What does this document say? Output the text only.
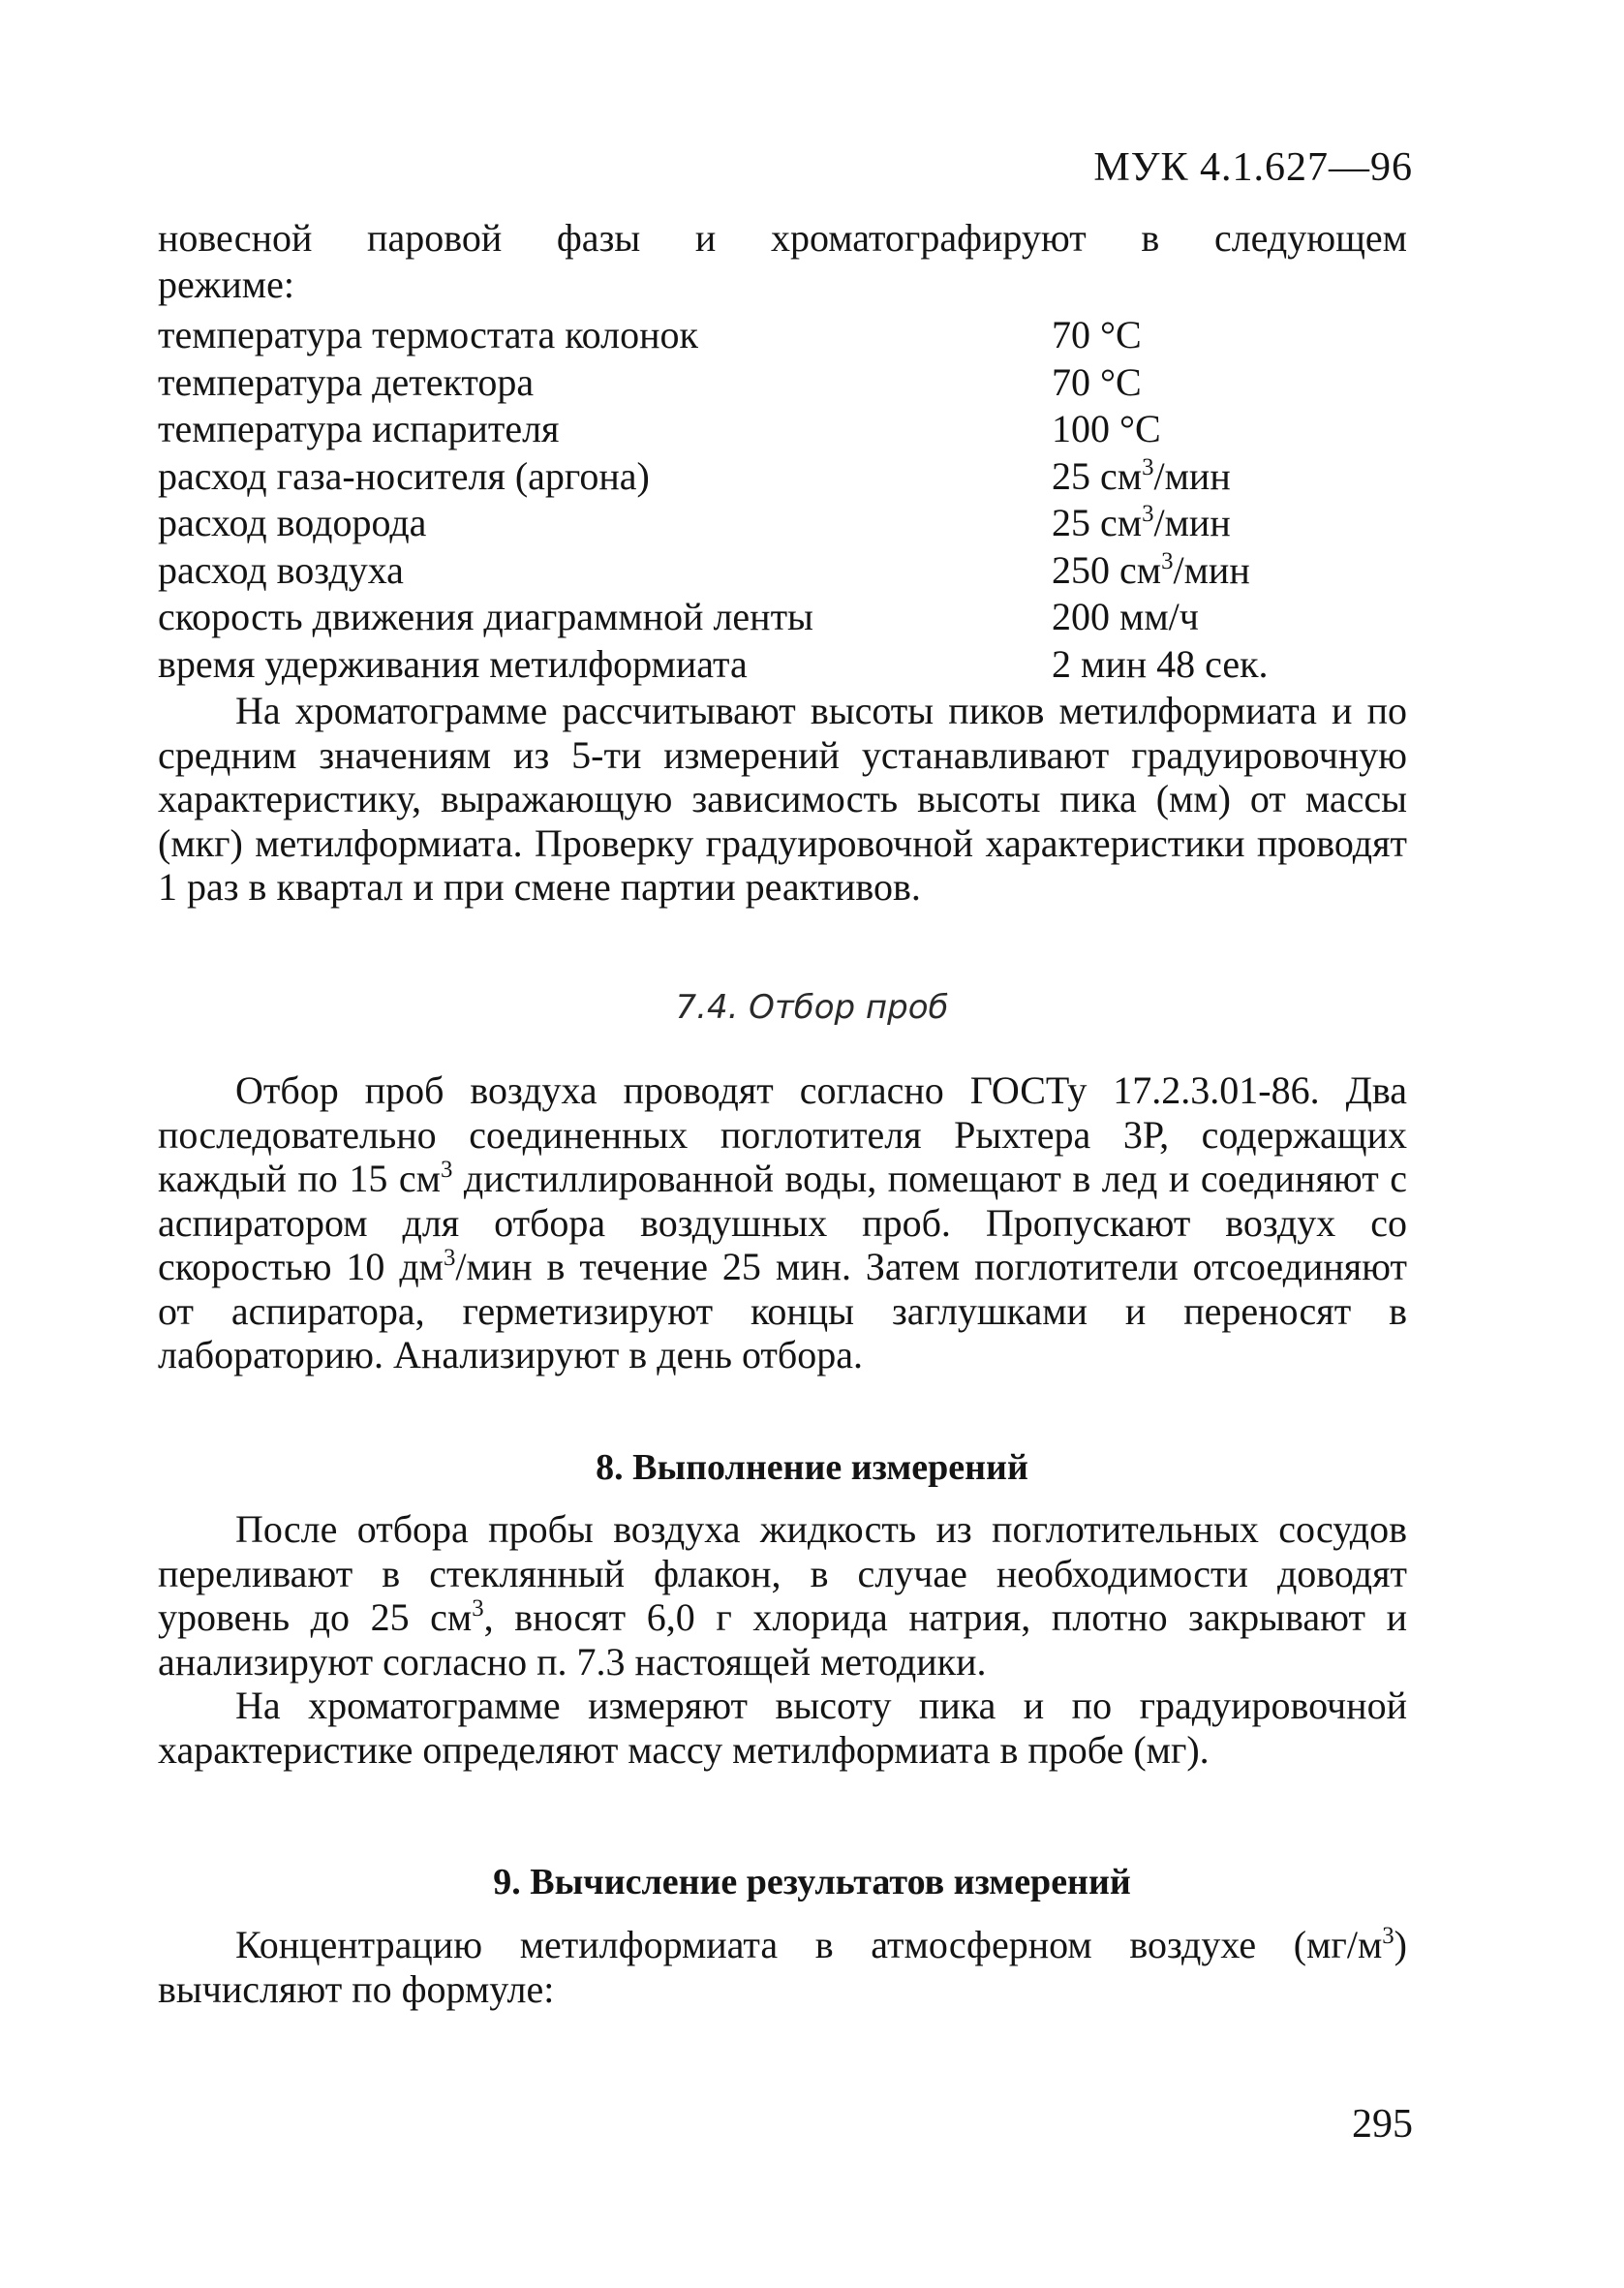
МУК 4.1.627—96

новесной паровой фазы и хроматографируют в следующем

режиме:

температура термостата колонок	70 °С
температура детектора	70 °С
температура испарителя	100 °С
расход газа-носителя (аргона)	25 $см^3$/мин
расход водорода	25 $см^3$/мин
расход воздуха	250 $см^3$/мин
скорость движения диаграммной ленты	200 мм/ч
время удерживания метилформиата	2 мин 48 сек.

На хроматограмме рассчитывают высоты пиков метилформиата и по средним значениям из 5-ти измерений устанавливают градуировочную характеристику, выражающую зависимость высоты пика (мм) от массы (мкг) метилформиата. Проверку градуировочной характеристики проводят 1 раз в квартал и при смене партии реактивов.

7.4. Отбор проб

Отбор проб воздуха проводят согласно ГОСТу 17.2.3.01-86. Два последовательно соединенных поглотителя Рыхтера 3Р, содержащих каждый по 15 $см^3$ дистиллированной воды, помещают в лед и соединяют с аспиратором для отбора воздушных проб. Пропускают воздух со скоростью 10 $дм^3$/мин в течение 25 мин. Затем поглотители отсоединяют от аспиратора, герметизируют концы заглушками и переносят в лабораторию. Анализируют в день отбора.

8. Выполнение измерений

После отбора пробы воздуха жидкость из поглотительных сосудов переливают в стеклянный флакон, в случае необходимости доводят уровень до 25 $см^3$, вносят 6,0 г хлорида натрия, плотно закрывают и анализируют согласно п. 7.3 настоящей методики.

На хроматограмме измеряют высоту пика и по градуировочной характеристике определяют массу метилформиата в пробе (мг).

9. Вычисление результатов измерений

Концентрацию метилформиата в атмосферном воздухе $(мг/м^3)$ вычисляют по формуле:

295
